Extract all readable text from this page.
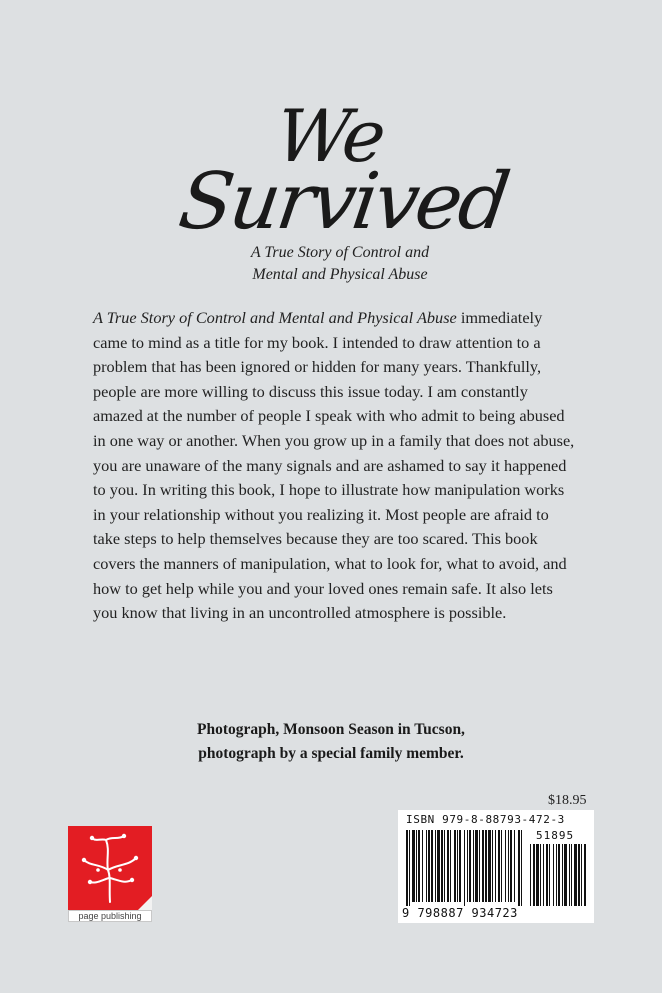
We
Survived
A True Story of Control and
Mental and Physical Abuse
A True Story of Control and Mental and Physical Abuse immediately came to mind as a title for my book. I intended to draw attention to a problem that has been ignored or hidden for many years. Thankfully, people are more willing to discuss this issue today. I am constantly amazed at the number of people I speak with who admit to being abused in one way or another. When you grow up in a family that does not abuse, you are unaware of the many signals and are ashamed to say it happened to you. In writing this book, I hope to illustrate how manipulation works in your relationship without you realizing it. Most people are afraid to take steps to help themselves because they are too scared. This book covers the manners of manipulation, what to look for, what to avoid, and how to get help while you and your loved ones remain safe. It also lets you know that living in an uncontrolled atmosphere is possible.
Photograph, Monsoon Season in Tucson,
photograph by a special family member.
$18.95
ISBN 979-8-88793-472-3
51895
9 798887 934723
page publishing
